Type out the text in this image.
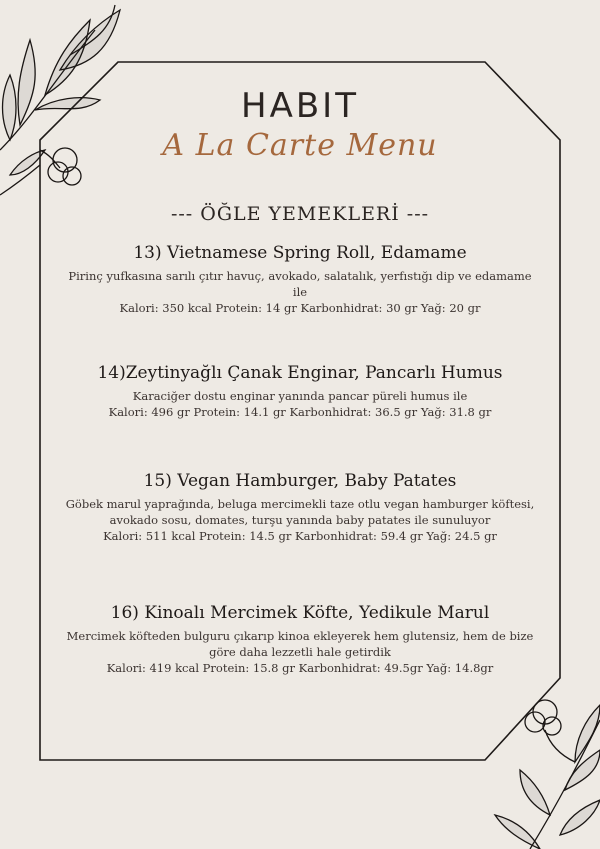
HABIT
A La Carte Menu
--- ÖĞLE YEMEKLERİ ---
13) Vietnamese Spring Roll, Edamame
Pirinç yufkasına sarılı çıtır havuç, avokado, salatalık, yerfıstığı dip ve edamame ile
Kalori: 350 kcal Protein: 14 gr Karbonhidrat: 30 gr Yağ: 20 gr
14)Zeytinyağlı Çanak Enginar, Pancarlı Humus
Karaciğer dostu enginar yanında pancar püreli humus ile
Kalori: 496 gr Protein: 14.1 gr Karbonhidrat: 36.5 gr Yağ: 31.8 gr
15) Vegan Hamburger, Baby Patates
Göbek marul yaprağında, beluga mercimekli taze otlu vegan hamburger köftesi, avokado sosu, domates, turşu yanında baby patates ile sunuluyor
Kalori: 511 kcal Protein: 14.5 gr Karbonhidrat: 59.4 gr Yağ: 24.5 gr
16) Kinoalı Mercimek Köfte, Yedikule Marul
Mercimek köfteden bulguru çıkarıp kinoa ekleyerek hem glutensiz, hem de bize göre daha lezzetli hale getirdik
Kalori: 419 kcal Protein: 15.8 gr Karbonhidrat: 49.5gr Yağ: 14.8gr
